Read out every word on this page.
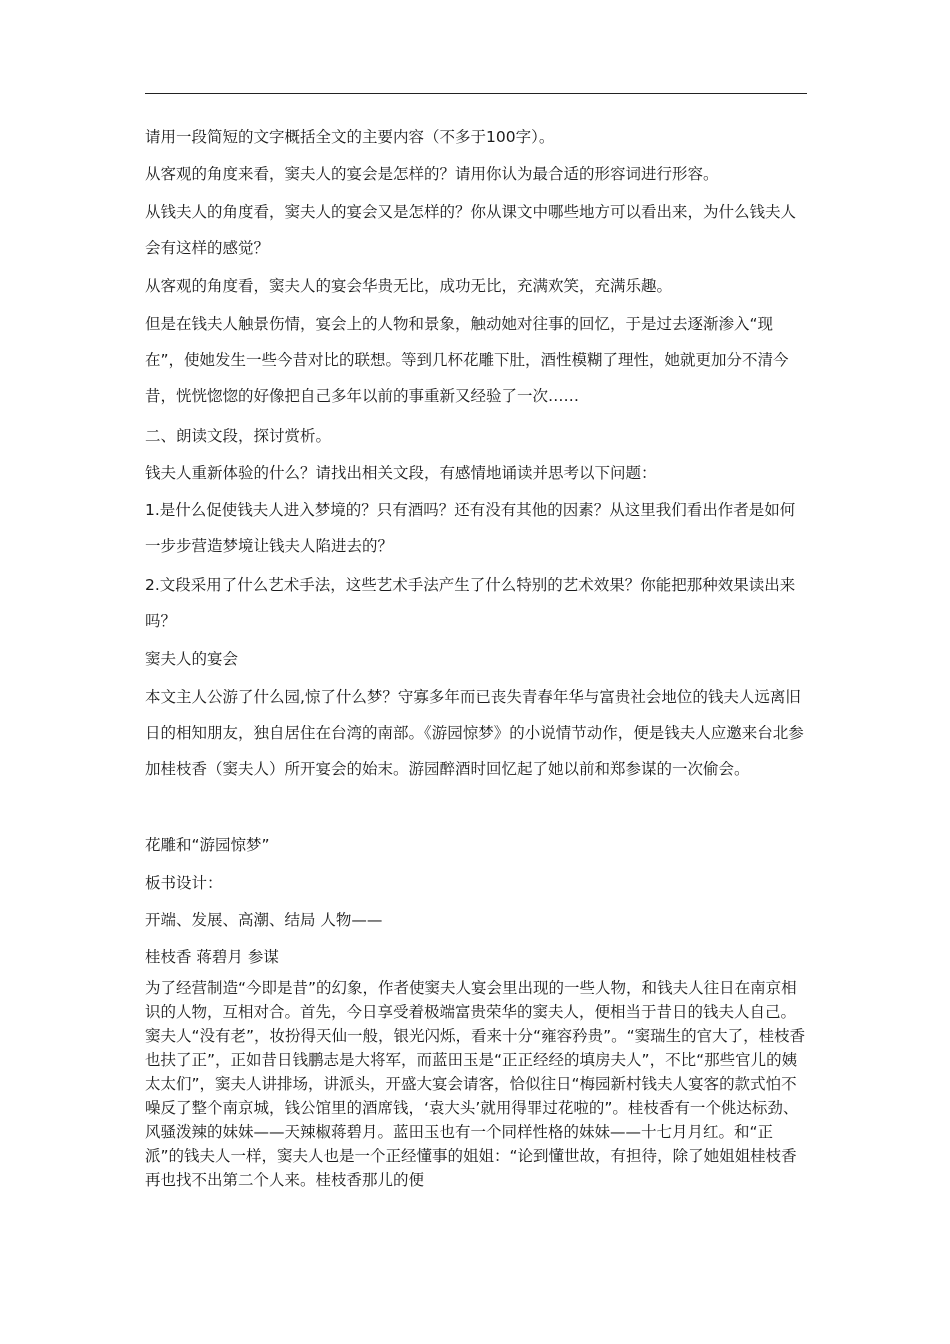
请用一段简短的文字概括全文的主要内容（不多于100字）。

从客观的角度来看，窦夫人的宴会是怎样的？请用你认为最合适的形容词进行形容。

从钱夫人的角度看，窦夫人的宴会又是怎样的？你从课文中哪些地方可以看出来，为什么钱夫人会有这样的感觉？

从客观的角度看，窦夫人的宴会华贵无比，成功无比，充满欢笑，充满乐趣。

但是在钱夫人触景伤情，宴会上的人物和景象，触动她对往事的回忆，于是过去逐渐渗入“现在”，使她发生一些今昔对比的联想。等到几杯花雕下肚，酒性模糊了理性，她就更加分不清今昔，恍恍惚惚的好像把自己多年以前的事重新又经验了一次……

二、朗读文段，探讨赏析。

钱夫人重新体验的什么？请找出相关文段，有感情地诵读并思考以下问题：

1.是什么促使钱夫人进入梦境的？只有酒吗？还有没有其他的因素？从这里我们看出作者是如何一步步营造梦境让钱夫人陷进去的？

2.文段采用了什么艺术手法，这些艺术手法产生了什么特别的艺术效果？你能把那种效果读出来吗？

窦夫人的宴会

本文主人公游了什么园,惊了什么梦？守寡多年而已丧失青春年华与富贵社会地位的钱夫人远离旧日的相知朋友，独自居住在台湾的南部。《游园惊梦》的小说情节动作，便是钱夫人应邀来台北参加桂枝香（窦夫人）所开宴会的始末。游园醉酒时回忆起了她以前和郑参谋的一次偷会。

花雕和“游园惊梦”

板书设计：

开端、发展、高潮、结局 人物——

桂枝香 蒋碧月 参谋

为了经营制造“今即是昔”的幻象，作者使窦夫人宴会里出现的一些人物，和钱夫人往日在南京相识的人物，互相对合。首先，今日享受着极端富贵荣华的窦夫人，便相当于昔日的钱夫人自己。窦夫人“没有老”，妆扮得天仙一般，银光闪烁，看来十分“雍容矜贵”。“窦瑞生的官大了，桂枝香也扶了正”，正如昔日钱鹏志是大将军，而蓝田玉是“正正经经的填房夫人”，不比“那些官儿的姨太太们”，窦夫人讲排场，讲派头，开盛大宴会请客，恰似往日“梅园新村钱夫人宴客的款式怕不噪反了整个南京城，钱公馆里的酒席钱，‘袁大头’就用得罪过花啦的”。桂枝香有一个佻达标劲、风骚泼辣的妹妹——天辣椒蒋碧月。蓝田玉也有一个同样性格的妹妹——十七月月红。和“正派”的钱夫人一样，窦夫人也是一个正经懂事的姐姐：“论到懂世故，有担待，除了她姐姐桂枝香再也找不出第二个人来。桂枝香那儿的便
